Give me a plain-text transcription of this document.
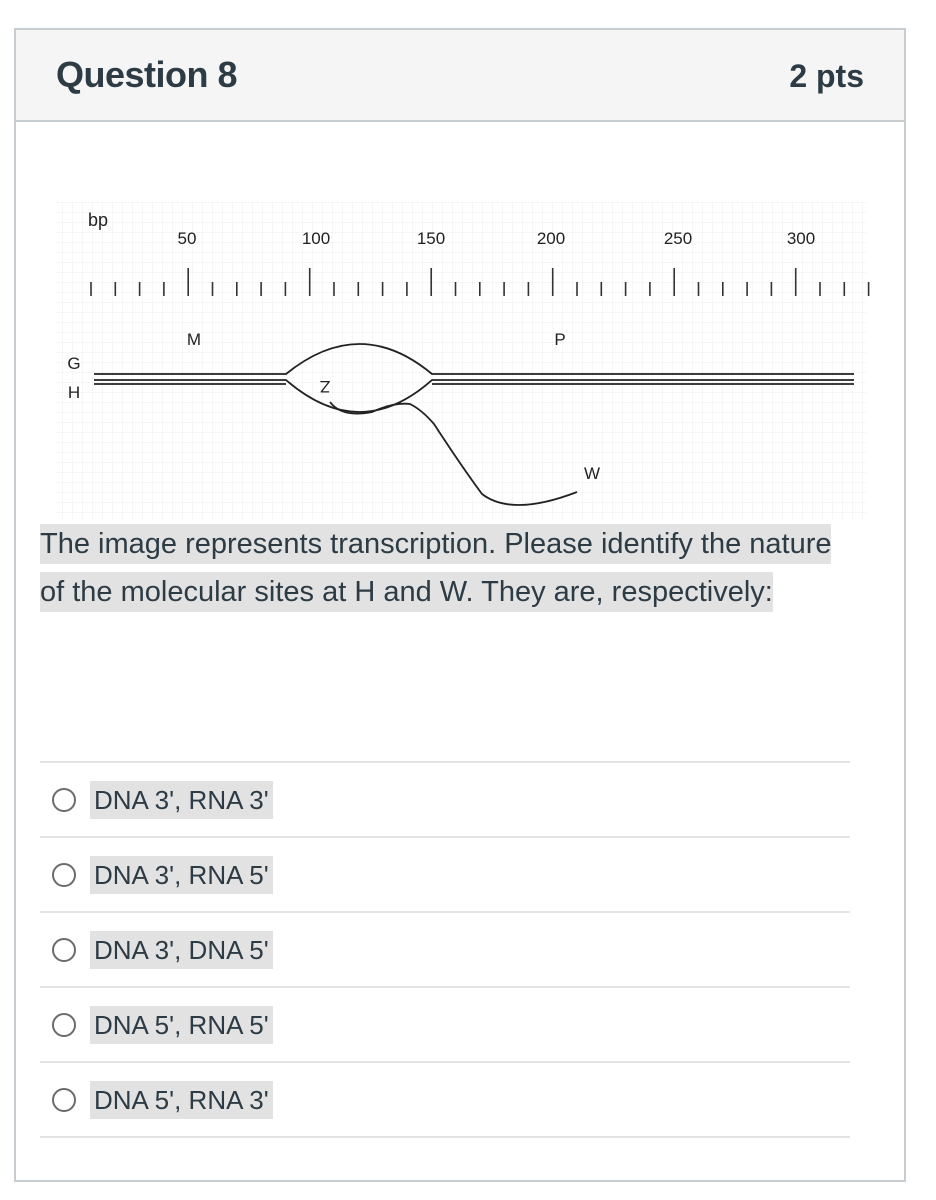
Question 8	2 pts
bp
50	100	150	200	250	300
M	P
G
H	Z
W
The image represents transcription. Please identify the nature of the molecular sites at H and W. They are, respectively:
DNA 3', RNA 3'
DNA 3', RNA 5'
DNA 3', DNA 5'
DNA 5', RNA 5'
DNA 5', RNA 3'
